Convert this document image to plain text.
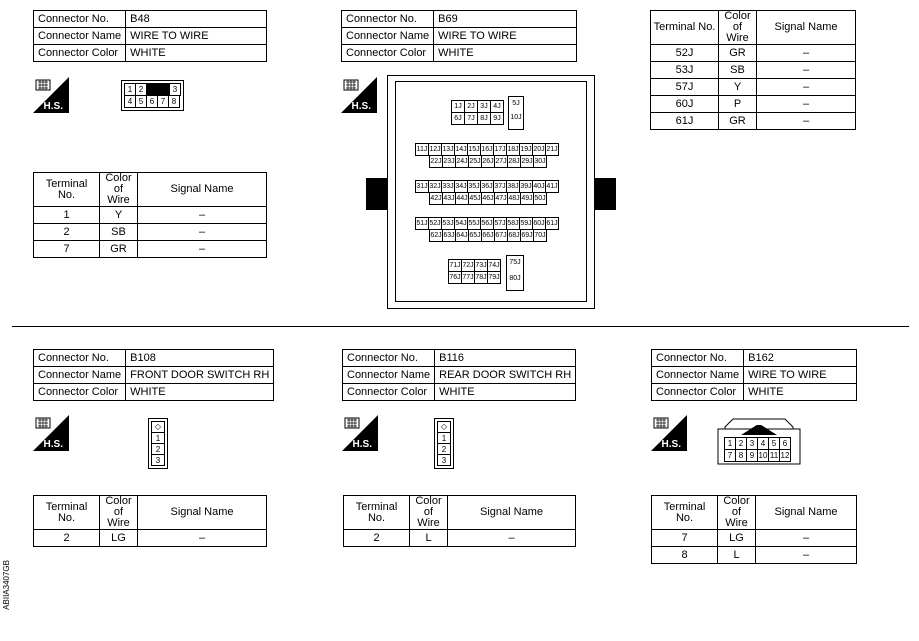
Connector No.	B48
Connector Name	WIRE TO WIRE
Connector Color	WHITE
H.S.
1 2	3
4 5 6 7 8
Terminal No.	Color of Wire	Signal Name
1	Y	–
2	SB	–
7	GR	–
Connector No.	B69
Connector Name	WIRE TO WIRE
Connector Color	WHITE
H.S.	1J 2J 3J 4J
6J 7J 8J 9J
5J
10J
11J 12J 13J 14J 15J 16J 17J 18J 19J 20J 21J
22J 23J 24J 25J 26J 27J 28J 29J 30J
31J 32J 33J 34J 35J 36J 37J 38J 39J 40J 41J
42J 43J 44J 45J 46J 47J 48J 49J 50J
51J 52J 53J 54J 55J 56J 57J 58J 59J 60J 61J
62J 63J 64J 65J 66J 67J 68J 69J 70J
71J 72J 73J 74J
76J 77J 78J 79J
75J
80J
Terminal No.	Color of Wire	Signal Name
52J	GR	–
53J	SB	–
57J	Y	–
60J	P	–
61J	GR	–
Connector No.	B108
Connector Name	FRONT DOOR SWITCH RH
Connector Color	WHITE
H.S.
◇
1
2
3
Terminal No.	Color of Wire	Signal Name
2	LG	–
Connector No.	B116
Connector Name	REAR DOOR SWITCH RH
Connector Color	WHITE
H.S.
◇
1
2
3
Terminal No.	Color of Wire	Signal Name
2	L	–
Connector No.	B162
Connector Name	WIRE TO WIRE
Connector Color	WHITE
H.S.	1 2 3 4 5 6
7 8 9 10 11 12
Terminal No.	Color of Wire	Signal Name
7	LG	–
8	L	–
ABIIA3407GB
